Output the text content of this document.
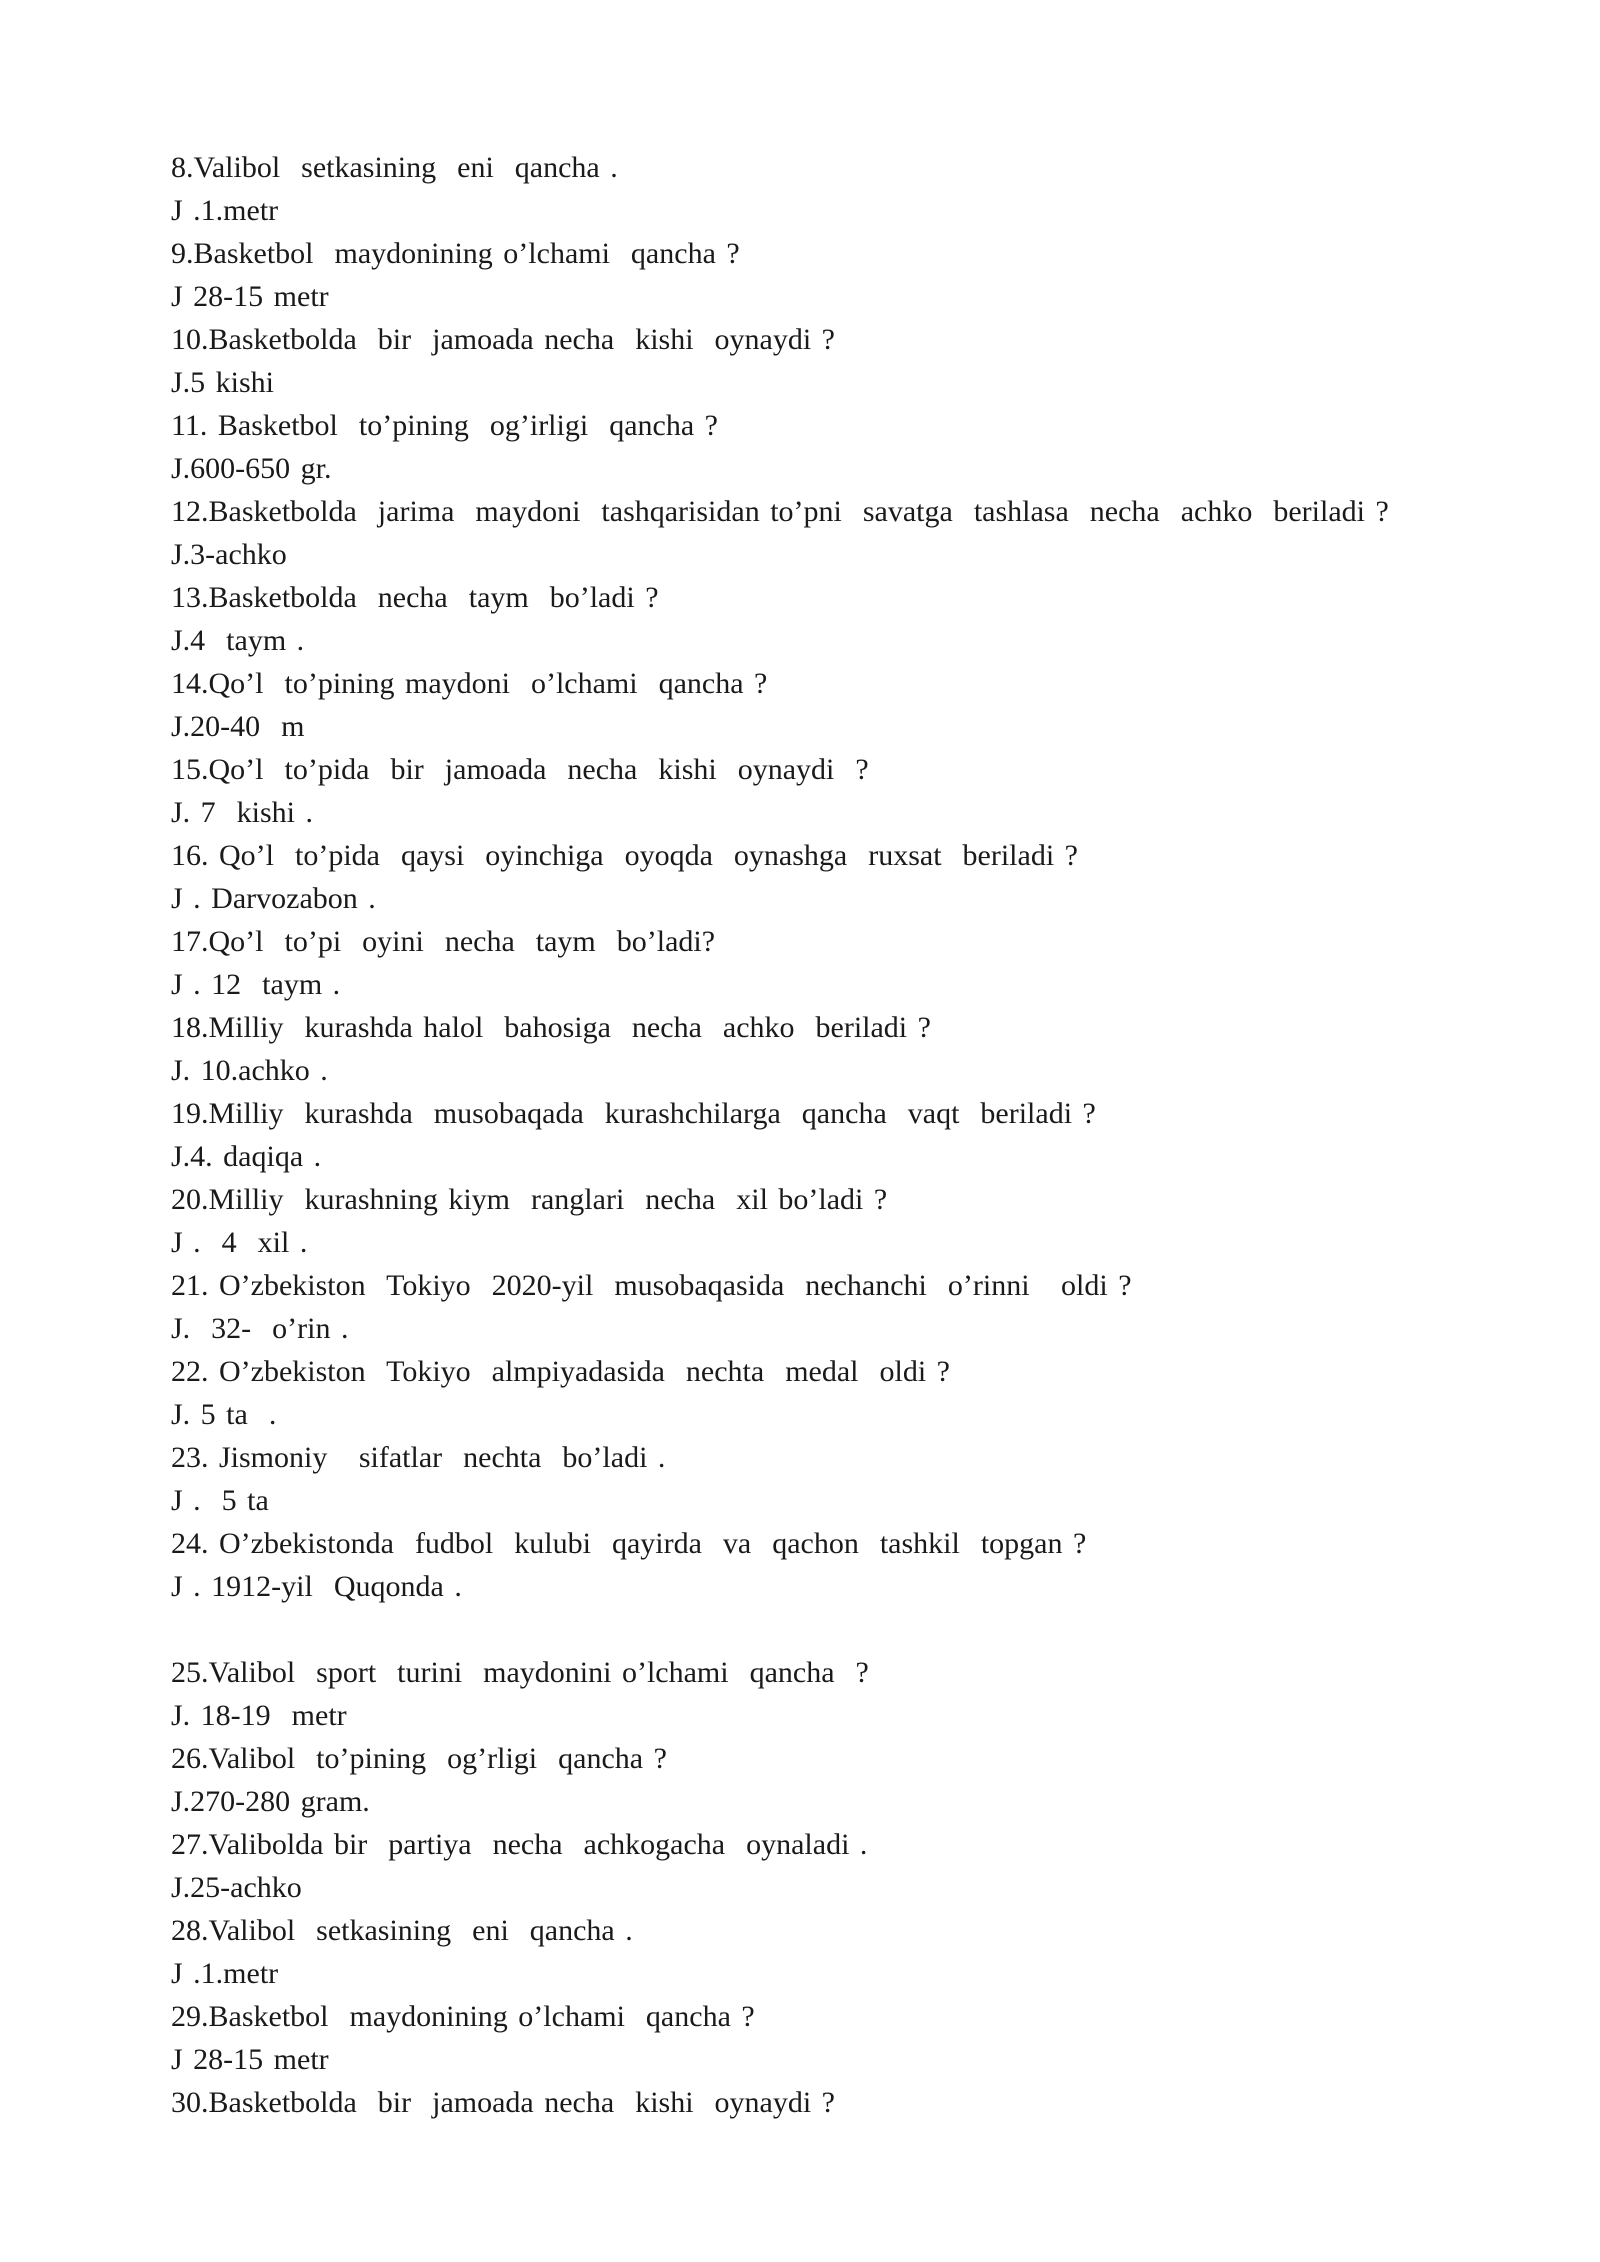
8.Valibol  setkasining  eni  qancha .
J .1.metr
9.Basketbol  maydonining o’lchami  qancha ?
J 28-15 metr
10.Basketbolda  bir  jamoada necha  kishi  oynaydi ?
J.5 kishi
11. Basketbol  to’pining  og’irligi  qancha ?
J.600-650 gr.
12.Basketbolda  jarima  maydoni  tashqarisidan to’pni  savatga  tashlasa  necha  achko  beriladi ?
J.3-achko
13.Basketbolda  necha  taym  bo’ladi ?
J.4  taym .
14.Qo’l  to’pining maydoni  o’lchami  qancha ?
J.20-40  m
15.Qo’l  to’pida  bir  jamoada  necha  kishi  oynaydi  ?
J. 7  kishi .
16. Qo’l  to’pida  qaysi  oyinchiga  oyoqda  oynashga  ruxsat  beriladi ?
J . Darvozabon .
17.Qo’l  to’pi  oyini  necha  taym  bo’ladi?
J . 12  taym .
18.Milliy  kurashda halol  bahosiga  necha  achko  beriladi ?
J. 10.achko .
19.Milliy  kurashda  musobaqada  kurashchilarga  qancha  vaqt  beriladi ?
J.4. daqiqa .
20.Milliy  kurashning kiym  ranglari  necha  xil bo’ladi ?
J .  4  xil .
21. O’zbekiston  Tokiyo  2020-yil  musobaqasida  nechanchi  o’rinni   oldi ?
J.  32-  o’rin .
22. O’zbekiston  Tokiyo  almpiyadasida  nechta  medal  oldi ?
J. 5 ta  .
23. Jismoniy   sifatlar  nechta  bo’ladi .
J .  5 ta
24. O’zbekistonda  fudbol  kulubi  qayirda  va  qachon  tashkil  topgan ?
J . 1912-yil  Quqonda .
25.Valibol  sport  turini  maydonini o’lchami  qancha  ?
J. 18-19  metr
26.Valibol  to’pining  og’rligi  qancha ?
J.270-280 gram.
27.Valibolda bir  partiya  necha  achkogacha  oynaladi .
J.25-achko
28.Valibol  setkasining  eni  qancha .
J .1.metr
29.Basketbol  maydonining o’lchami  qancha ?
J 28-15 metr
30.Basketbolda  bir  jamoada necha  kishi  oynaydi ?
